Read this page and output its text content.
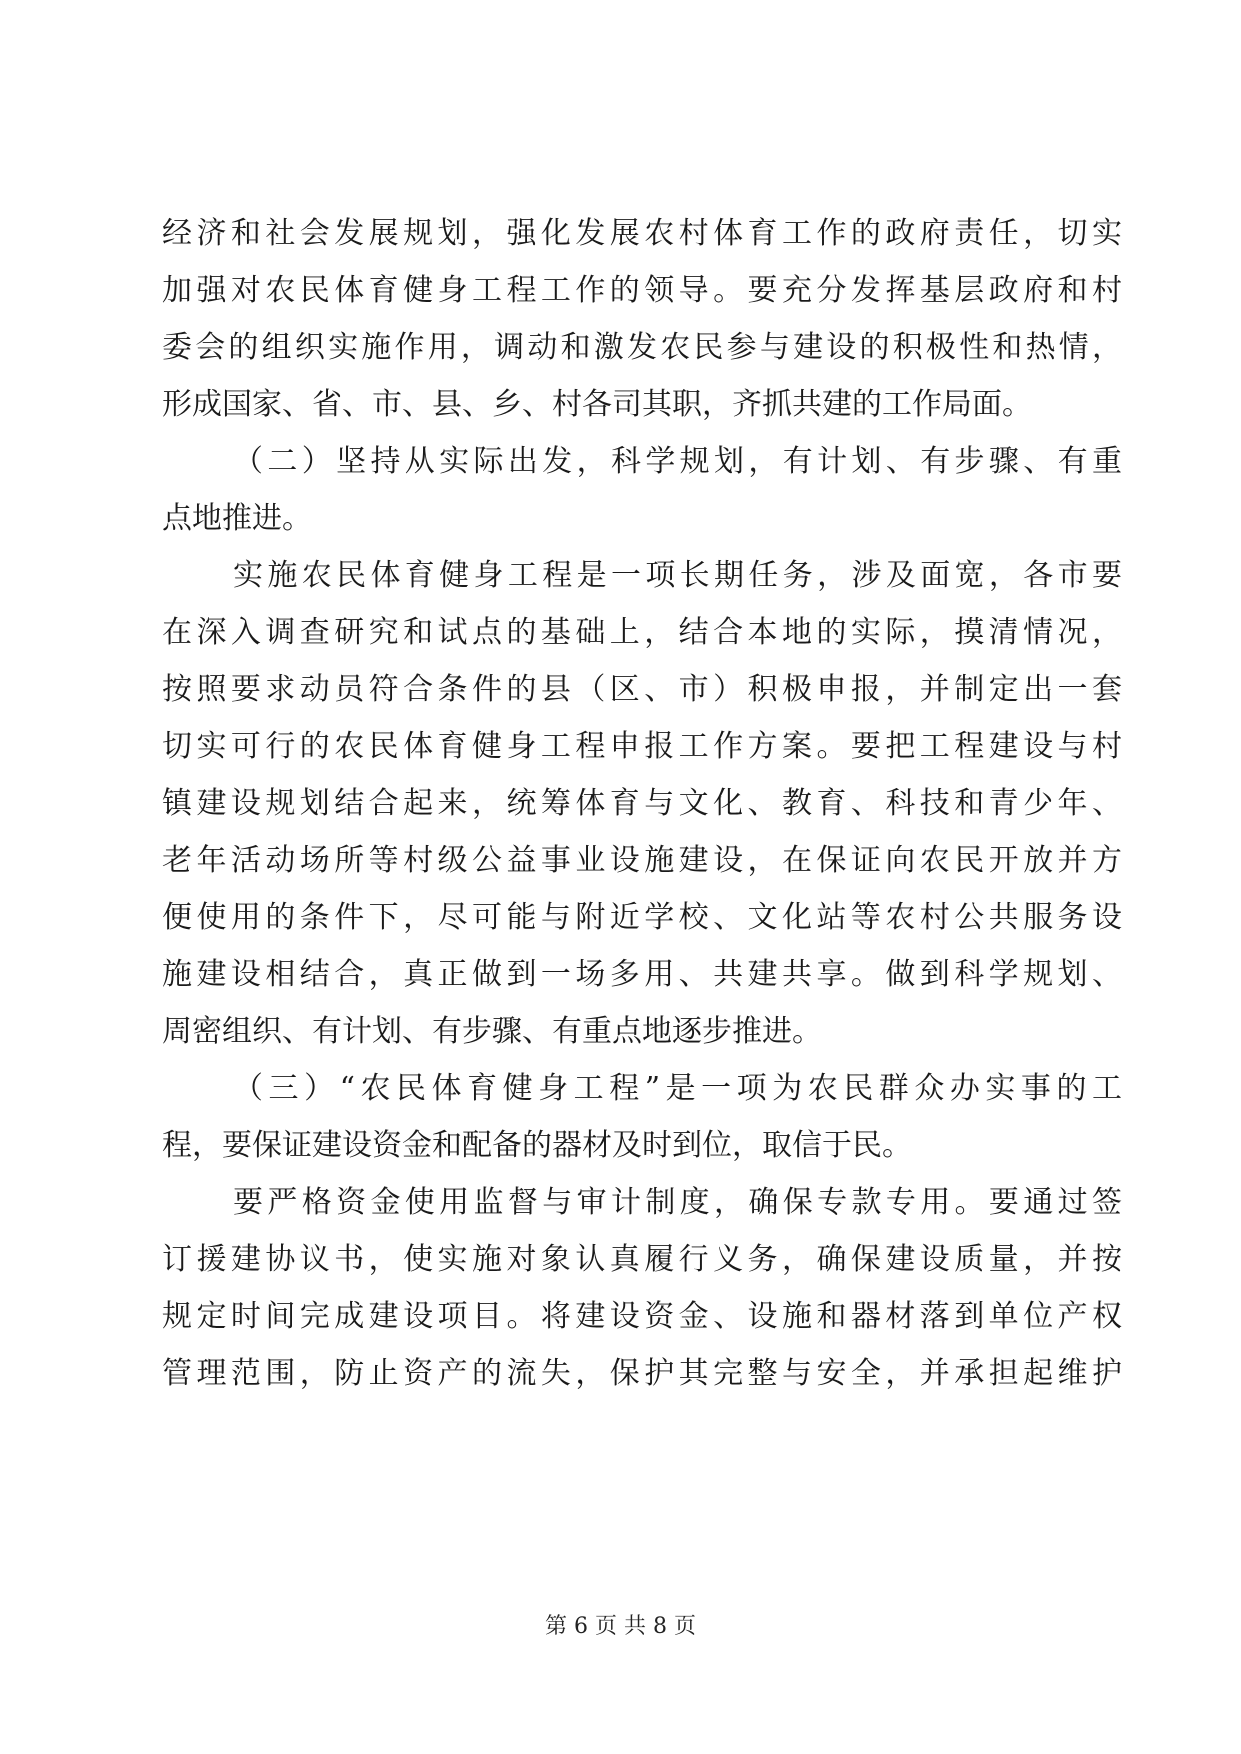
经济和社会发展规划，强化发展农村体育工作的政府责任，切实
加强对农民体育健身工程工作的领导。要充分发挥基层政府和村
委会的组织实施作用，调动和激发农民参与建设的积极性和热情，
形成国家、省、市、县、乡、村各司其职，齐抓共建的工作局面。
（二）坚持从实际出发，科学规划，有计划、有步骤、有重
点地推进。
实施农民体育健身工程是一项长期任务，涉及面宽，各市要
在深入调查研究和试点的基础上，结合本地的实际，摸清情况，
按照要求动员符合条件的县（区、市）积极申报，并制定出一套
切实可行的农民体育健身工程申报工作方案。要把工程建设与村
镇建设规划结合起来，统筹体育与文化、教育、科技和青少年、
老年活动场所等村级公益事业设施建设，在保证向农民开放并方
便使用的条件下，尽可能与附近学校、文化站等农村公共服务设
施建设相结合，真正做到一场多用、共建共享。做到科学规划、
周密组织、有计划、有步骤、有重点地逐步推进。
（三）“农民体育健身工程”是一项为农民群众办实事的工
程，要保证建设资金和配备的器材及时到位，取信于民。
要严格资金使用监督与审计制度，确保专款专用。要通过签
订援建协议书，使实施对象认真履行义务，确保建设质量，并按
规定时间完成建设项目。将建设资金、设施和器材落到单位产权
管理范围，防止资产的流失，保护其完整与安全，并承担起维护
第 6 页 共 8 页
